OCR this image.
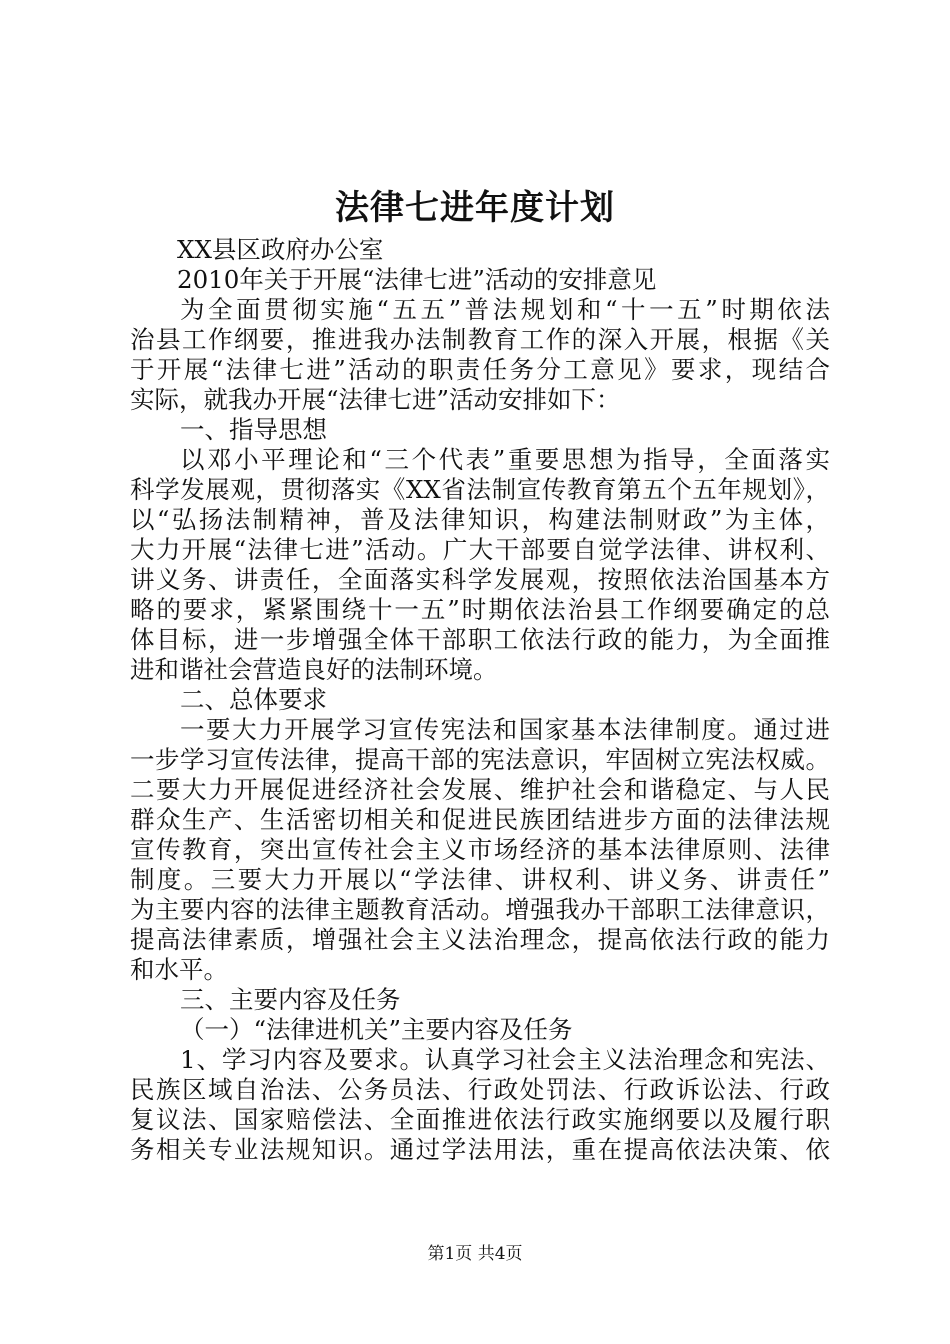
法律七进年度计划
XX县区政府办公室
2010年关于开展“法律七进”活动的安排意见
为全面贯彻实施“五五”普法规划和“十一五”时期依法
治县工作纲要，推进我办法制教育工作的深入开展，根据《关
于开展“法律七进”活动的职责任务分工意见》要求，现结合
实际，就我办开展“法律七进”活动安排如下：
一、指导思想
以邓小平理论和“三个代表”重要思想为指导，全面落实
科学发展观，贯彻落实《XX省法制宣传教育第五个五年规划》，
以“弘扬法制精神，普及法律知识，构建法制财政”为主体，
大力开展“法律七进”活动。广大干部要自觉学法律、讲权利、
讲义务、讲责任，全面落实科学发展观，按照依法治国基本方
略的要求，紧紧围绕十一五”时期依法治县工作纲要确定的总
体目标，进一步增强全体干部职工依法行政的能力，为全面推
进和谐社会营造良好的法制环境。
二、总体要求
一要大力开展学习宣传宪法和国家基本法律制度。通过进
一步学习宣传法律，提高干部的宪法意识，牢固树立宪法权威。
二要大力开展促进经济社会发展、维护社会和谐稳定、与人民
群众生产、生活密切相关和促进民族团结进步方面的法律法规
宣传教育，突出宣传社会主义市场经济的基本法律原则、法律
制度。三要大力开展以“学法律、讲权利、讲义务、讲责任”
为主要内容的法律主题教育活动。增强我办干部职工法律意识，
提高法律素质，增强社会主义法治理念，提高依法行政的能力
和水平。
三、主要内容及任务
（一）“法律进机关”主要内容及任务
1、学习内容及要求。认真学习社会主义法治理念和宪法、
民族区域自治法、公务员法、行政处罚法、行政诉讼法、行政
复议法、国家赔偿法、全面推进依法行政实施纲要以及履行职
务相关专业法规知识。通过学法用法，重在提高依法决策、依
第1页 共4页
